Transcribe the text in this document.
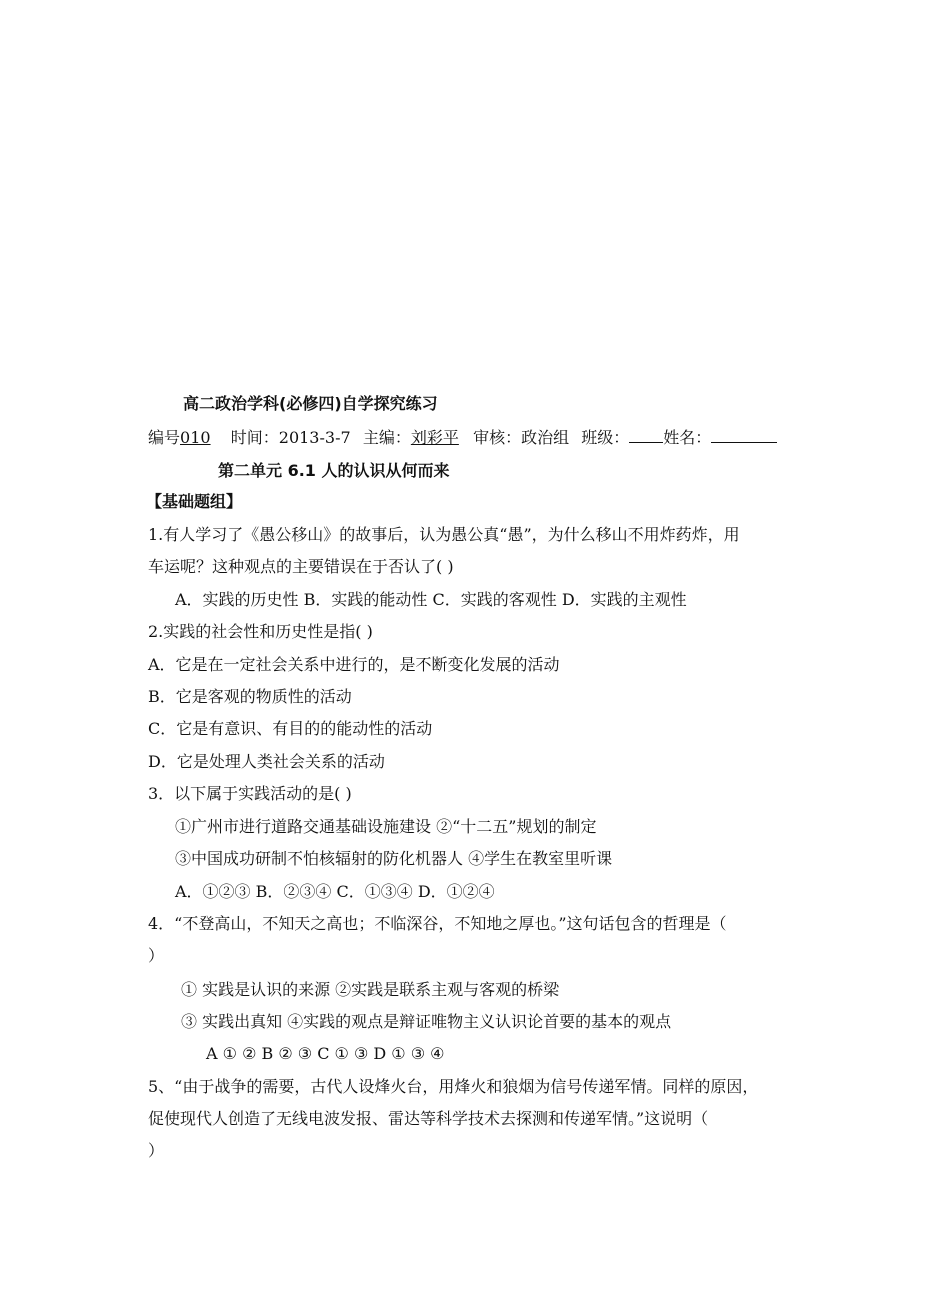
高二政治学科(必修四)自学探究练习
编号010 时间：2013-3-7 主编：刘彩平 审核：政治组 班级： 姓名：
第二单元 6.1 人的认识从何而来
【基础题组】
1.有人学习了《愚公移山》的故事后，认为愚公真“愚”，为什么移山不用炸药炸，用
车运呢？这种观点的主要错误在于否认了( )
A．实践的历史性 B．实践的能动性 C．实践的客观性 D．实践的主观性
2.实践的社会性和历史性是指( )
A．它是在一定社会关系中进行的，是不断变化发展的活动
B．它是客观的物质性的活动
C．它是有意识、有目的的能动性的活动
D．它是处理人类社会关系的活动
3．以下属于实践活动的是( )
①广州市进行道路交通基础设施建设 ②“十二五”规划的制定
③中国成功研制不怕核辐射的防化机器人 ④学生在教室里听课
A．①②③ B．②③④ C．①③④ D．①②④
4．“不登高山，不知天之高也；不临深谷，不知地之厚也。”这句话包含的哲理是（
）
① 实践是认识的来源 ②实践是联系主观与客观的桥梁
③ 实践出真知 ④实践的观点是辩证唯物主义认识论首要的基本的观点
A ① ② B ② ③ C ① ③ D ① ③ ④
5、“由于战争的需要，古代人设烽火台，用烽火和狼烟为信号传递军情。同样的原因，
促使现代人创造了无线电波发报、雷达等科学技术去探测和传递军情。”这说明（
）
